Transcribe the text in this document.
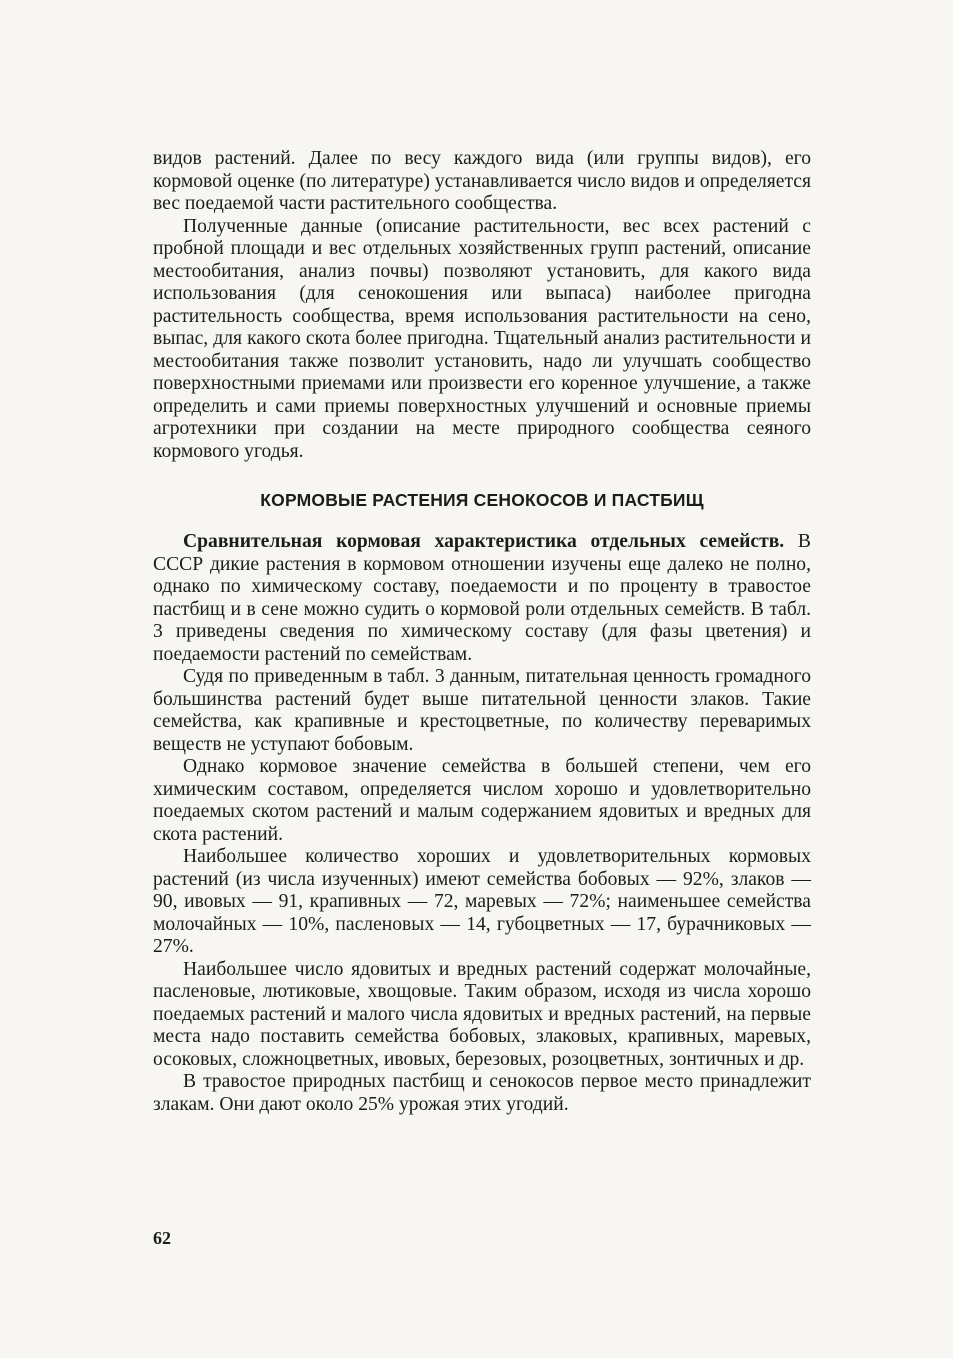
видов растений. Далее по весу каждого вида (или группы видов), его кормовой оценке (по литературе) устанавливается число видов и определяется вес поедаемой части растительного сообщества.

Полученные данные (описание растительности, вес всех растений с пробной площади и вес отдельных хозяйственных групп растений, описание местообитания, анализ почвы) позволяют установить, для какого вида использования (для сенокошения или выпаса) наиболее пригодна растительность сообщества, время использования растительности на сено, выпас, для какого скота более пригодна. Тщательный анализ растительности и местообитания также позволит установить, надо ли улучшать сообщество поверхностными приемами или произвести его коренное улучшение, а также определить и сами приемы поверхностных улучшений и основные приемы агротехники при создании на месте природного сообщества сеяного кормового угодья.

КОРМОВЫЕ РАСТЕНИЯ СЕНОКОСОВ И ПАСТБИЩ

Сравнительная кормовая характеристика отдельных семейств. В СССР дикие растения в кормовом отношении изучены еще далеко не полно, однако по химическому составу, поедаемости и по проценту в травостое пастбищ и в сене можно судить о кормовой роли отдельных семейств. В табл. 3 приведены сведения по химическому составу (для фазы цветения) и поедаемости растений по семействам.

Судя по приведенным в табл. 3 данным, питательная ценность громадного большинства растений будет выше питательной ценности злаков. Такие семейства, как крапивные и крестоцветные, по количеству переваримых веществ не уступают бобовым.

Однако кормовое значение семейства в большей степени, чем его химическим составом, определяется числом хорошо и удовлетворительно поедаемых скотом растений и малым содержанием ядовитых и вредных для скота растений.

Наибольшее количество хороших и удовлетворительных кормовых растений (из числа изученных) имеют семейства бобовых — 92%, злаков — 90, ивовых — 91, крапивных — 72, маревых — 72%; наименьшее семейства молочайных — 10%, пасленовых — 14, губоцветных — 17, бурачниковых — 27%.

Наибольшее число ядовитых и вредных растений содержат молочайные, пасленовые, лютиковые, хвощовые. Таким образом, исходя из числа хорошо поедаемых растений и малого числа ядовитых и вредных растений, на первые места надо поставить семейства бобовых, злаковых, крапивных, маревых, осоковых, сложноцветных, ивовых, березовых, розоцветных, зонтичных и др.

В травостое природных пастбищ и сенокосов первое место принадлежит злакам. Они дают около 25% урожая этих угодий.

62
